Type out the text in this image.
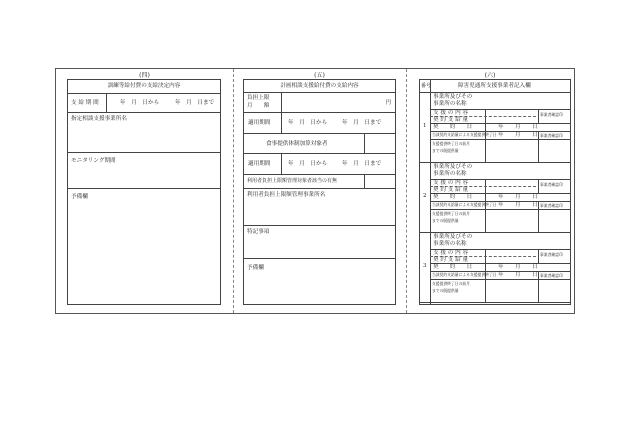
(四)
訓練等給付費の支給決定内容
支 給 期 間	年　月　日から	年　月　日まで
指定相談支援事業所名
モニタリング期間
予備欄
(五)
計画相談支援給付費の支給内容
負担上限
月　　額	円
適用期間	年　月　日から	年　月　日まで
食事提供体制加算対象者
適用期間	年　月　日から	年　月　日まで
利用者負担上限額管理対象者該当の有無
利用者負担上限額管理事業所名
特記事項
予備欄
(六)
番号	障害児通所支援事業者記入欄
1
事業所及びその
事業所の名称
支 援 の 内 容
契 約 支 給 量
事業者確認印
契　　約　　日	年 月 日
当該契約支給量による支援提供終了日 年 月 日 事業者確認印
支援提供終了日の前月
までの既提供量
2
事業所及びその
事業所の名称
支 援 の 内 容
契 約 支 給 量
事業者確認印
契　　約　　日	年 月 日
当該契約支給量による支援提供終了日 年 月 日 事業者確認印
支援提供終了日の前月
までの既提供量
3
事業所及びその
事業所の名称
支 援 の 内 容
契 約 支 給 量
事業者確認印
契　　約　　日	年 月 日
当該契約支給量による支援提供終了日 年 月 日 事業者確認印
支援提供終了日の前月
までの既提供量
